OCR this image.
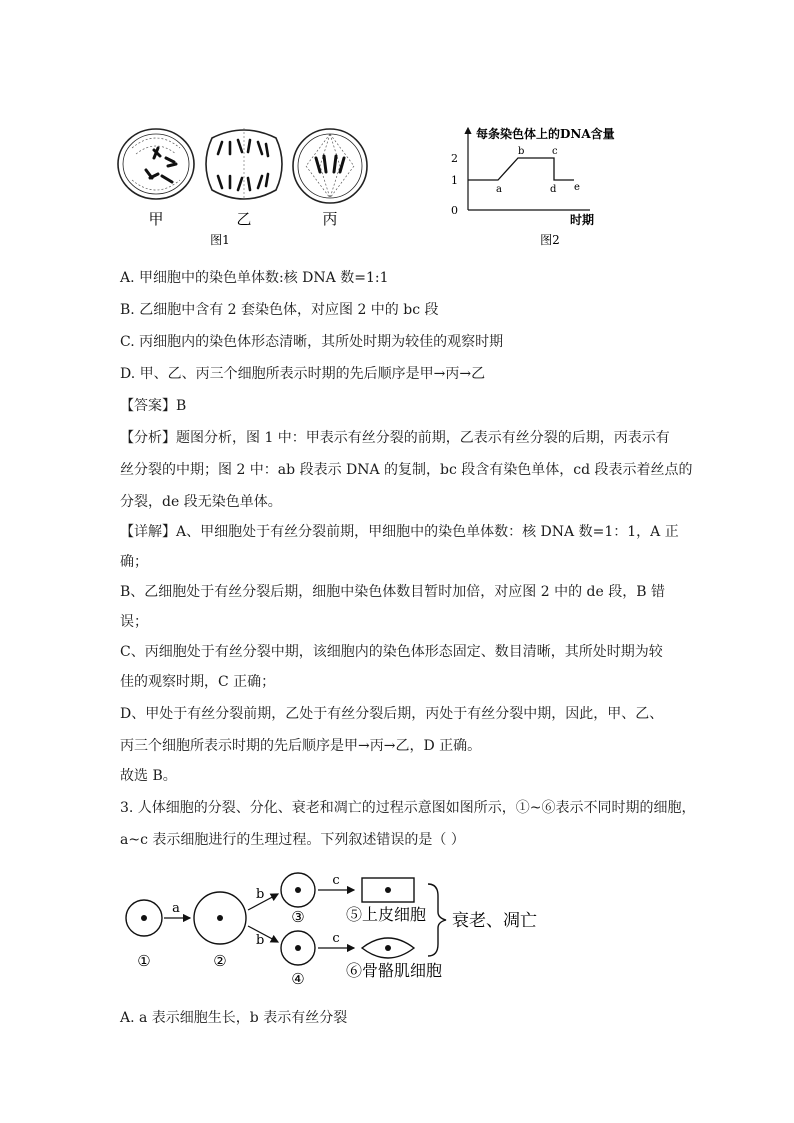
甲	乙	丙
图1
每条染色体上的DNA含量
时期
2
1
0
a
b	c
d e
图2
A. 甲细胞中的染色单体数:核 DNA 数=1:1
B. 乙细胞中含有 2 套染色体，对应图 2 中的 bc 段
C. 丙细胞内的染色体形态清晰，其所处时期为较佳的观察时期
D. 甲、乙、丙三个细胞所表示时期的先后顺序是甲→丙→乙
【答案】B
【分析】题图分析，图 1 中：甲表示有丝分裂的前期，乙表示有丝分裂的后期，丙表示有
丝分裂的中期；图 2 中：ab 段表示 DNA 的复制，bc 段含有染色单体，cd 段表示着丝点的
分裂，de 段无染色单体。
【详解】A、甲细胞处于有丝分裂前期，甲细胞中的染色单体数：核 DNA 数=1：1，A 正
确；
B、乙细胞处于有丝分裂后期，细胞中染色体数目暂时加倍，对应图 2 中的 de 段，B 错
误；
C、丙细胞处于有丝分裂中期，该细胞内的染色体形态固定、数目清晰，其所处时期为较
佳的观察时期，C 正确；
D、甲处于有丝分裂前期，乙处于有丝分裂后期，丙处于有丝分裂中期，因此，甲、乙、
丙三个细胞所表示时期的先后顺序是甲→丙→乙，D 正确。
故选 B。
3. 人体细胞的分裂、分化、衰老和凋亡的过程示意图如图所示，①~⑥表示不同时期的细胞，
a~c 表示细胞进行的生理过程。下列叙述错误的是（ ）
①
a
②
b
b
③
④
c
c
⑤上皮细胞
⑥骨骼肌细胞
衰老、凋亡
A. a 表示细胞生长，b 表示有丝分裂
